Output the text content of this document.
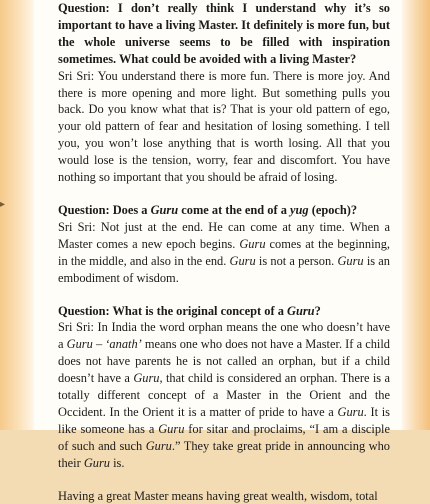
▸

Question: I don’t really think I understand why it’s so important to have a living Master. It definitely is more fun, but the whole universe seems to be filled with inspiration sometimes. What could be avoided with a living Master?

Sri Sri: You understand there is more fun. There is more joy. And there is more opening and more light. But something pulls you back. Do you know what that is? That is your old pattern of ego, your old pattern of fear and hesitation of losing something. I tell you, you won’t lose anything that is worth losing. All that you would lose is the tension, worry, fear and discomfort. You have nothing so important that you should be afraid of losing.

Question: Does a Guru come at the end of a yug (epoch)?

Sri Sri: Not just at the end. He can come at any time. When a Master comes a new epoch begins. Guru comes at the beginning, in the middle, and also in the end. Guru is not a person. Guru is an embodiment of wisdom.

Question: What is the original concept of a Guru?

Sri Sri: In India the word orphan means the one who doesn’t have a Guru – ‘anath’ means one who does not have a Master. If a child does not have parents he is not called an orphan, but if a child doesn’t have a Guru, that child is considered an orphan. There is a totally different concept of a Master in the Orient and the Occident. In the Orient it is a matter of pride to have a Guru. It is like someone has a Guru for sitar and proclaims, “I am a disciple of such and such Guru.” They take great pride in announcing who their Guru is.

Having a great Master means having great wealth, wisdom, total
